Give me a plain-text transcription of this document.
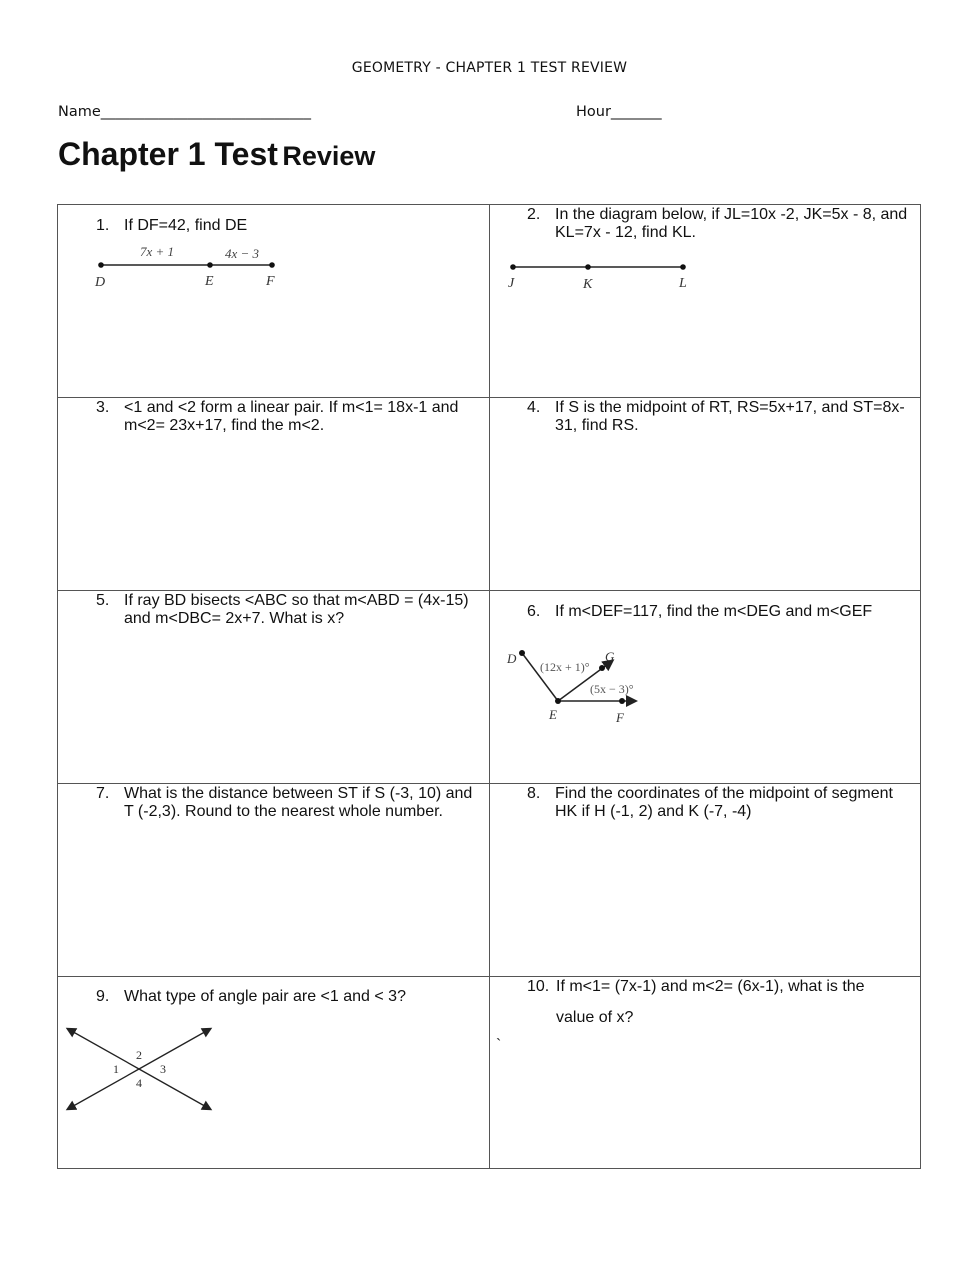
GEOMETRY - CHAPTER 1 TEST REVIEW
Name_____________________________	Hour_______
Chapter 1 Test Review
1. If DF=42, find DE
7x + 1	4x − 3
D	E	F
2. In the diagram below, if JL=10x -2, JK=5x - 8, and KL=7x - 12, find KL.
J	K	L
3. <1 and <2 form a linear pair. If m<1= 18x-1 and m<2= 23x+17, find the m<2.
4. If S is the midpoint of RT, RS=5x+17, and ST=8x-31, find RS.
5. If ray BD bisects <ABC so that m<ABD = (4x-15) and m<DBC= 2x+7. What is x?	6. If m<DEF=117, find the m<DEG and m<GEF
D	G
E	F
(12x + 1)°
(5x − 3)°
7. What is the distance between ST if S (-3, 10) and T (-2,3). Round to the nearest whole number.
8. Find the coordinates of the midpoint of segment HK if H (-1, 2) and K (-7, -4)
9. What type of angle pair are <1 and < 3?
2
1	3
4
10. If m<1= (7x-1) and m<2= (6x-1), what is the
value of x?
`
